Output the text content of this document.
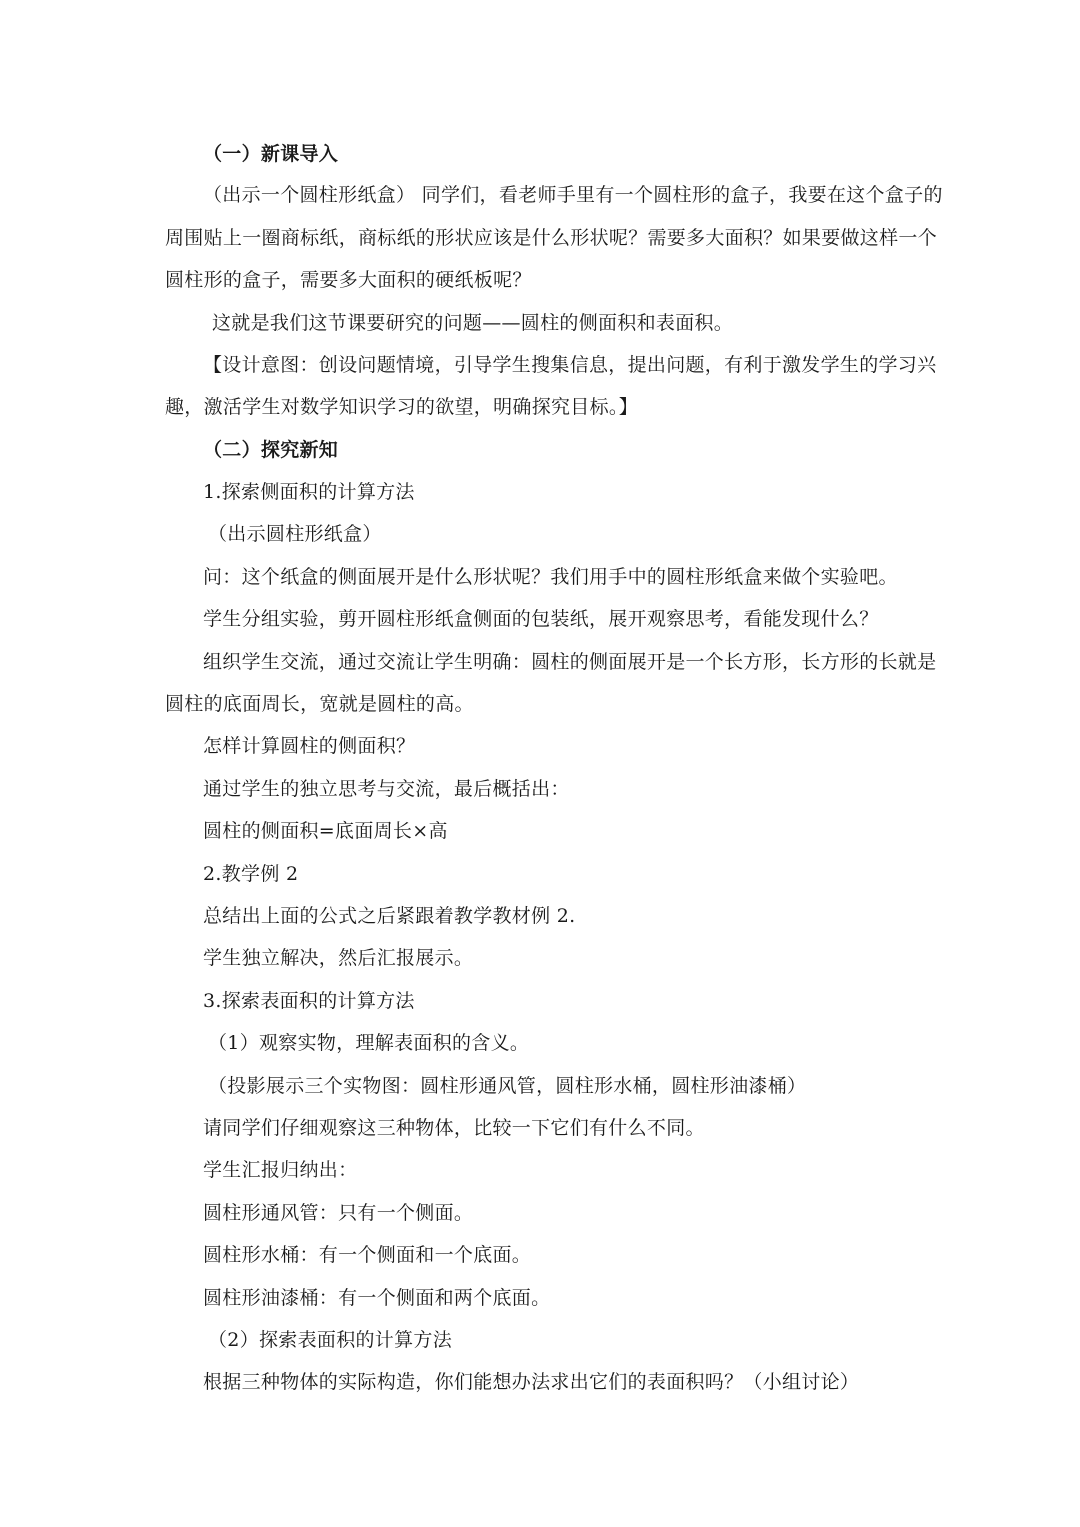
（一）新课导入
（出示一个圆柱形纸盒） 同学们，看老师手里有一个圆柱形的盒子，我要在这个盒子的
周围贴上一圈商标纸，商标纸的形状应该是什么形状呢？需要多大面积？如果要做这样一个
圆柱形的盒子，需要多大面积的硬纸板呢？
这就是我们这节课要研究的问题——圆柱的侧面积和表面积。
【设计意图：创设问题情境，引导学生搜集信息，提出问题，有利于激发学生的学习兴
趣，激活学生对数学知识学习的欲望，明确探究目标。】
（二）探究新知
1.探索侧面积的计算方法
（出示圆柱形纸盒）
问：这个纸盒的侧面展开是什么形状呢？我们用手中的圆柱形纸盒来做个实验吧。
学生分组实验，剪开圆柱形纸盒侧面的包装纸，展开观察思考，看能发现什么？
组织学生交流，通过交流让学生明确：圆柱的侧面展开是一个长方形，长方形的长就是
圆柱的底面周长，宽就是圆柱的高。
怎样计算圆柱的侧面积？
通过学生的独立思考与交流，最后概括出：
圆柱的侧面积=底面周长×高
2.教学例 2
总结出上面的公式之后紧跟着教学教材例 2.
学生独立解决，然后汇报展示。
3.探索表面积的计算方法
（1）观察实物，理解表面积的含义。
（投影展示三个实物图：圆柱形通风管，圆柱形水桶，圆柱形油漆桶）
请同学们仔细观察这三种物体，比较一下它们有什么不同。
学生汇报归纳出：
圆柱形通风管：只有一个侧面。
圆柱形水桶：有一个侧面和一个底面。
圆柱形油漆桶：有一个侧面和两个底面。
（2）探索表面积的计算方法
根据三种物体的实际构造，你们能想办法求出它们的表面积吗？（小组讨论）
